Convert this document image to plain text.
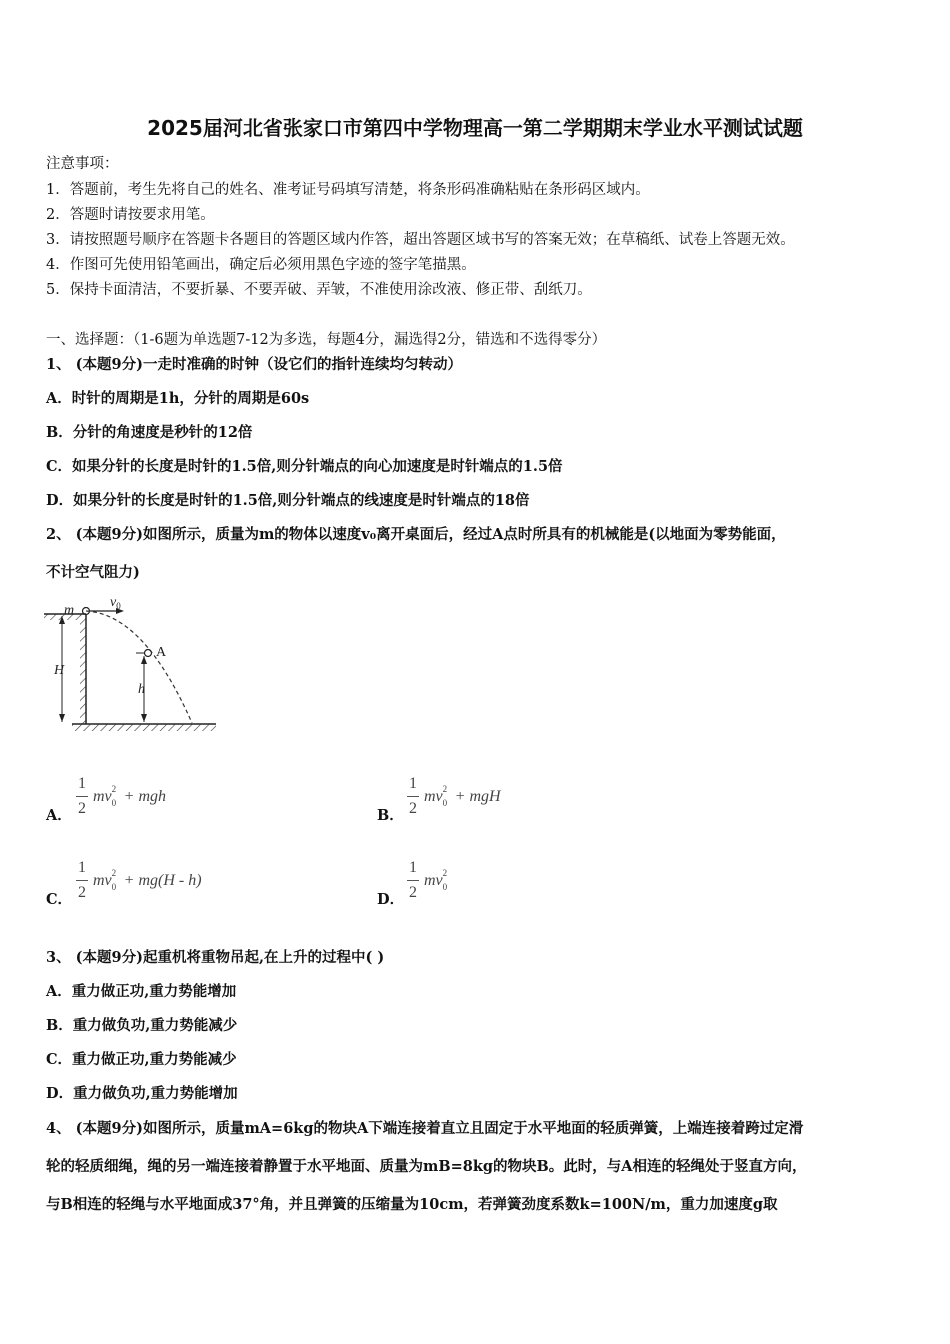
2025届河北省张家口市第四中学物理高一第二学期期末学业水平测试试题
注意事项：
1．答题前，考生先将自己的姓名、准考证号码填写清楚，将条形码准确粘贴在条形码区域内。
2．答题时请按要求用笔。
3．请按照题号顺序在答题卡各题目的答题区域内作答，超出答题区域书写的答案无效；在草稿纸、试卷上答题无效。
4．作图可先使用铅笔画出，确定后必须用黑色字迹的签字笔描黑。
5．保持卡面清洁，不要折暴、不要弄破、弄皱，不准使用涂改液、修正带、刮纸刀。
一、选择题：（1-6题为单选题7-12为多选，每题4分，漏选得2分，错选和不选得零分）
1、 (本题9分)一走时准确的时钟（设它们的指针连续均匀转动）
A．时针的周期是1h，分针的周期是60s
B．分针的角速度是秒针的12倍
C．如果分针的长度是时针的1.5倍,则分针端点的向心加速度是时针端点的1.5倍
D．如果分针的长度是时针的1.5倍,则分针端点的线速度是时针端点的18倍
2、 (本题9分)如图所示，质量为m的物体以速度v₀离开桌面后，经过A点时所具有的机械能是(以地面为零势能面，
不计空气阻力)
H
m
$v_0$
A
h
A．
1
2
mv 2
0 + mgh
B．
1
2
mv 2
0 + mgH
C．
1
2
mv 2
0 + mg(H - h)
D．
1
2
mv 2
0
3、 (本题9分)起重机将重物吊起,在上升的过程中( )
A．重力做正功,重力势能增加
B．重力做负功,重力势能减少
C．重力做正功,重力势能减少
D．重力做负功,重力势能增加
4、 (本题9分)如图所示，质量mA=6kg的物块A下端连接着直立且固定于水平地面的轻质弹簧，上端连接着跨过定滑
轮的轻质细绳，绳的另一端连接着静置于水平地面、质量为mB=8kg的物块B。此时，与A相连的轻绳处于竖直方向，
与B相连的轻绳与水平地面成37°角，并且弹簧的压缩量为10cm，若弹簧劲度系数k=100N/m，重力加速度g取
